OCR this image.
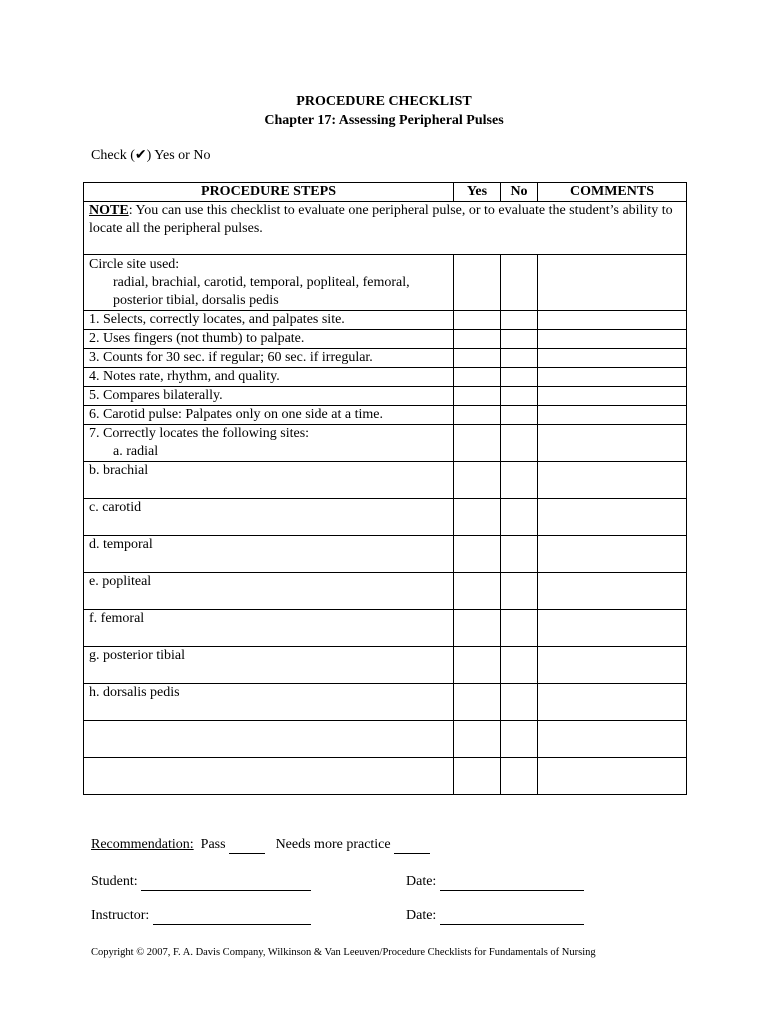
PROCEDURE CHECKLIST
Chapter 17: Assessing Peripheral Pulses
Check (✔) Yes or No
PROCEDURE STEPS	Yes	No	COMMENTS
NOTE: You can use this checklist to evaluate one peripheral pulse, or to evaluate the student’s ability to locate all the peripheral pulses.			

Circle site used:
radial, brachial, carotid, temporal, popliteal, femoral,
posterior tibial, dorsalis pedis			

1. Selects, correctly locates, and palpates site.			
2. Uses fingers (not thumb) to palpate.			
3. Counts for 30 sec. if regular; 60 sec. if irregular.			
4. Notes rate, rhythm, and quality.			
5. Compares bilaterally.			
6. Carotid pulse: Palpates only on one side at a time.			

7. Correctly locates the following sites:
a. radial			

b. brachial			
c. carotid			
d. temporal			
e. popliteal			
f. femoral			
g. posterior tibial			
h. dorsalis pedis			

Recommendation: Pass	Needs more practice
Student:	Date:
Instructor:	Date:
Copyright © 2007, F. A. Davis Company, Wilkinson & Van Leeuven/Procedure Checklists for Fundamentals of Nursing
